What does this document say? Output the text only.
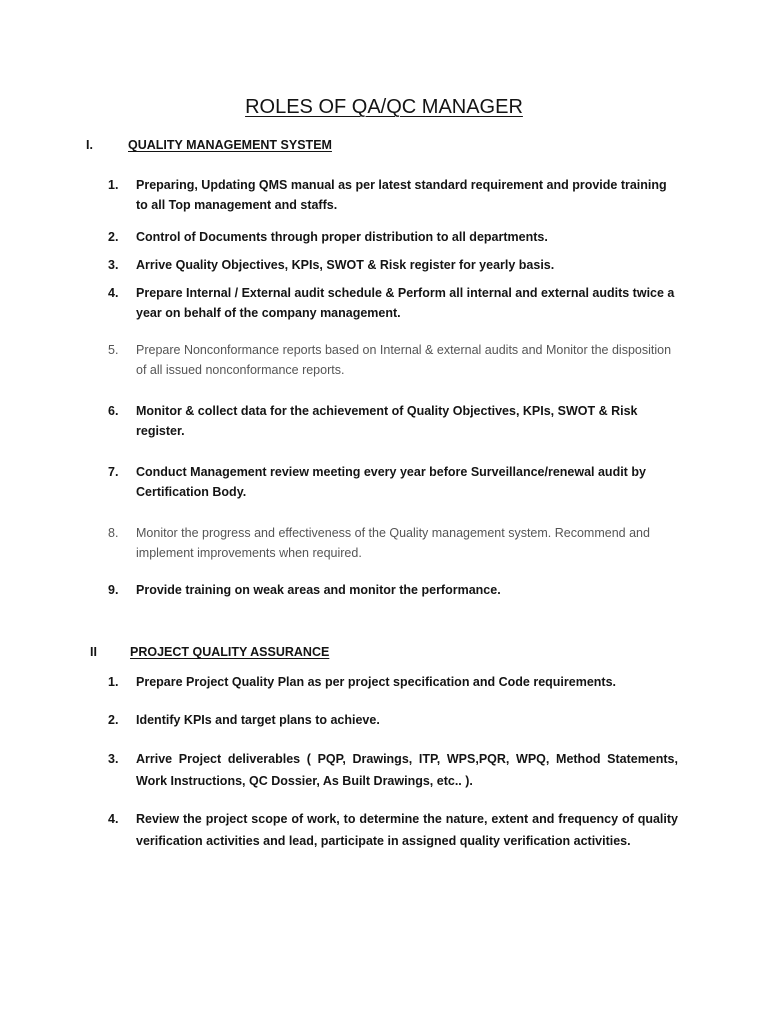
ROLES OF QA/QC MANAGER
I.	QUALITY MANAGEMENT SYSTEM
1.	Preparing, Updating QMS manual as per latest standard requirement and provide training to all Top management and staffs.
2.	Control of Documents through proper distribution to all departments.
3.	Arrive Quality Objectives, KPIs, SWOT & Risk register for yearly basis.
4.	Prepare Internal / External audit schedule & Perform all internal and external audits twice a year on behalf of the company management.
5.	Prepare Nonconformance reports based on Internal & external audits and Monitor the disposition of all issued nonconformance reports.
6.	Monitor & collect data for the achievement of Quality Objectives, KPIs, SWOT & Risk register.
7.	Conduct Management review meeting every year before Surveillance/renewal audit by Certification Body.
8.	Monitor the progress and effectiveness of the Quality management system. Recommend and implement improvements when required.
9.	Provide training on weak areas and monitor the performance.
II	PROJECT QUALITY ASSURANCE
1.	Prepare Project Quality Plan as per project specification and Code requirements.
2.	Identify KPIs and target plans to achieve.
3.	Arrive Project deliverables ( PQP, Drawings, ITP, WPS,PQR, WPQ, Method Statements, Work Instructions, QC Dossier, As Built Drawings, etc.. ).
4.	Review the project scope of work, to determine the nature, extent and frequency of quality verification activities and lead, participate in assigned quality verification activities.
